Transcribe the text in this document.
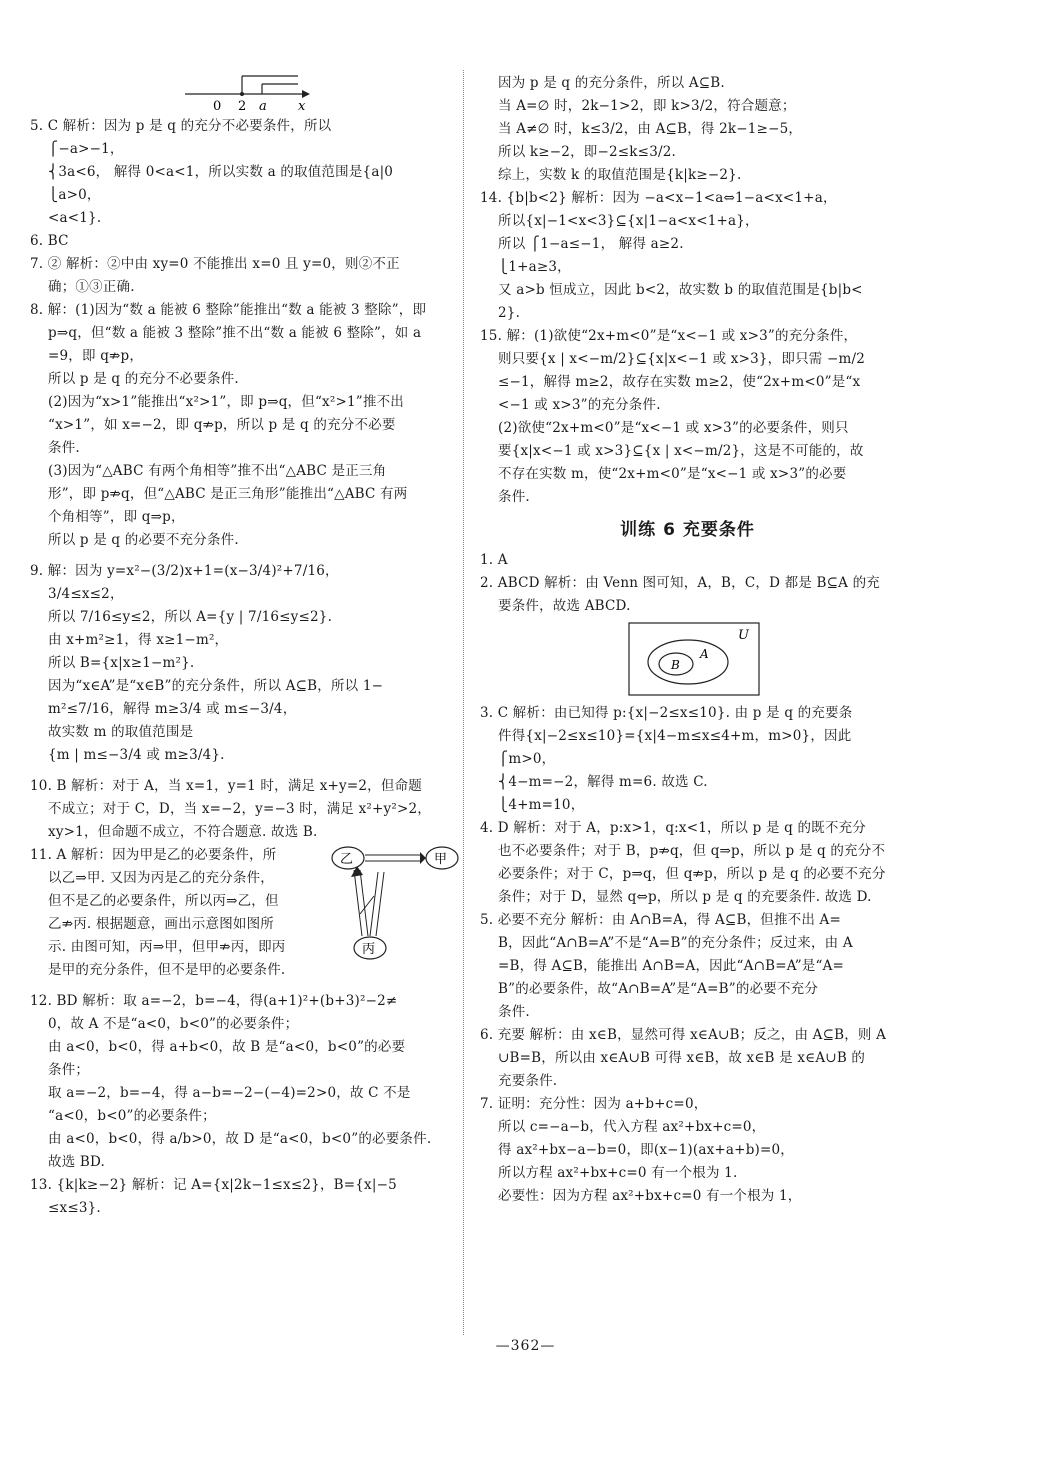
0 2 a x
5. C 解析：因为 p 是 q 的充分不必要条件，所以
⎧−a>−1，
⎨3a<6， 解得 0<a<1，所以实数 a 的取值范围是{a|0
⎩a>0，
<a<1}.
6. BC
7. ② 解析：②中由 xy=0 不能推出 x=0 且 y=0，则②不正
确；①③正确.
8. 解：(1)因为“数 a 能被 6 整除”能推出“数 a 能被 3 整除”，即
p⇒q，但“数 a 能被 3 整除”推不出“数 a 能被 6 整除”，如 a
=9，即 q⇏p，
所以 p 是 q 的充分不必要条件.
(2)因为“x>1”能推出“x²>1”，即 p⇒q，但“x²>1”推不出
“x>1”，如 x=−2，即 q⇏p，所以 p 是 q 的充分不必要
条件.
(3)因为“△ABC 有两个角相等”推不出“△ABC 是正三角
形”，即 p⇏q，但“△ABC 是正三角形”能推出“△ABC 有两
个角相等”，即 q⇒p，
所以 p 是 q 的必要不充分条件.
9. 解：因为 y=x²−(3/2)x+1=(x−3/4)²+7/16，
3/4≤x≤2，
所以 7/16≤y≤2，所以 A={y | 7/16≤y≤2}.
由 x+m²≥1，得 x≥1−m²，
所以 B={x|x≥1−m²}.
因为“x∈A”是“x∈B”的充分条件，所以 A⊆B，所以 1−
m²≤7/16，解得 m≥3/4 或 m≤−3/4，
故实数 m 的取值范围是
{m | m≤−3/4 或 m≥3/4}.
10. B 解析：对于 A，当 x=1，y=1 时，满足 x+y=2，但命题
不成立；对于 C，D，当 x=−2，y=−3 时，满足 x²+y²>2，
xy>1，但命题不成立，不符合题意. 故选 B.
11. A 解析：因为甲是乙的必要条件，所
以乙⇒甲. 又因为丙是乙的充分条件，
但不是乙的必要条件，所以丙⇒乙，但
乙⇏丙. 根据题意，画出示意图如图所
示. 由图可知，丙⇒甲，但甲⇏丙，即丙
是甲的充分条件，但不是甲的必要条件.
乙	甲
丙
12. BD 解析：取 a=−2，b=−4，得(a+1)²+(b+3)²−2≠
0，故 A 不是“a<0，b<0”的必要条件；
由 a<0，b<0，得 a+b<0，故 B 是“a<0，b<0”的必要
条件；
取 a=−2，b=−4，得 a−b=−2−(−4)=2>0，故 C 不是
“a<0，b<0”的必要条件；
由 a<0，b<0，得 a/b>0，故 D 是“a<0，b<0”的必要条件.
故选 BD.
13. {k|k≥−2} 解析：记 A={x|2k−1≤x≤2}，B={x|−5
≤x≤3}.
因为 p 是 q 的充分条件，所以 A⊆B.
当 A=∅ 时，2k−1>2，即 k>3/2，符合题意；
当 A≠∅ 时，k≤3/2，由 A⊆B，得 2k−1≥−5，
所以 k≥−2，即−2≤k≤3/2.
综上，实数 k 的取值范围是{k|k≥−2}.
14. {b|b<2} 解析：因为 −a<x−1<a⇔1−a<x<1+a，
所以{x|−1<x<3}⊆{x|1−a<x<1+a}，
所以 ⎧1−a≤−1， 解得 a≥2.
⎩1+a≥3，
又 a>b 恒成立，因此 b<2，故实数 b 的取值范围是{b|b<
2}.
15. 解：(1)欲使“2x+m<0”是“x<−1 或 x>3”的充分条件，
则只要{x | x<−m/2}⊆{x|x<−1 或 x>3}，即只需 −m/2
≤−1，解得 m≥2，故存在实数 m≥2，使“2x+m<0”是“x
<−1 或 x>3”的充分条件.
(2)欲使“2x+m<0”是“x<−1 或 x>3”的必要条件，则只
要{x|x<−1 或 x>3}⊆{x | x<−m/2}，这是不可能的，故
不存在实数 m，使“2x+m<0”是“x<−1 或 x>3”的必要
条件.
训练 6 充要条件
1. A
2. ABCD 解析：由 Venn 图可知，A，B，C，D 都是 B⊆A 的充
要条件，故选 ABCD.
U
A
B
3. C 解析：由已知得 p:{x|−2≤x≤10}. 由 p 是 q 的充要条
件得{x|−2≤x≤10}={x|4−m≤x≤4+m，m>0}，因此
⎧m>0，
⎨4−m=−2，解得 m=6. 故选 C.
⎩4+m=10，
4. D 解析：对于 A，p:x>1，q:x<1，所以 p 是 q 的既不充分
也不必要条件；对于 B，p⇏q，但 q⇒p，所以 p 是 q 的充分不
必要条件；对于 C，p⇒q，但 q⇏p，所以 p 是 q 的必要不充分
条件；对于 D，显然 q⇔p，所以 p 是 q 的充要条件. 故选 D.
5. 必要不充分 解析：由 A∩B=A，得 A⊆B，但推不出 A=
B，因此“A∩B=A”不是“A=B”的充分条件；反过来，由 A
=B，得 A⊆B，能推出 A∩B=A，因此“A∩B=A”是“A=
B”的必要条件，故“A∩B=A”是“A=B”的必要不充分
条件.
6. 充要 解析：由 x∈B，显然可得 x∈A∪B；反之，由 A⊆B，则 A
∪B=B，所以由 x∈A∪B 可得 x∈B，故 x∈B 是 x∈A∪B 的
充要条件.
7. 证明：充分性：因为 a+b+c=0，
所以 c=−a−b，代入方程 ax²+bx+c=0，
得 ax²+bx−a−b=0，即(x−1)(ax+a+b)=0，
所以方程 ax²+bx+c=0 有一个根为 1.
必要性：因为方程 ax²+bx+c=0 有一个根为 1，
—362—
